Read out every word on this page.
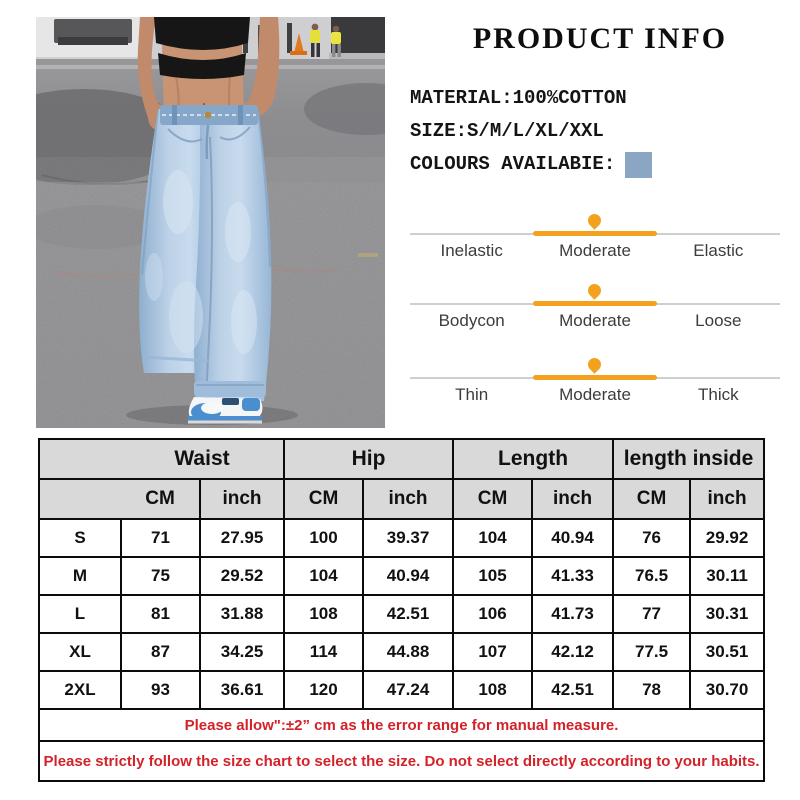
PRODUCT INFO
MATERIAL:100%COTTON
SIZE:S/M/L/XL/XXL
COLOURS AVAILABIE:
Inelastic	Moderate	Elastic
Bodycon	Moderate	Loose
Thin	Moderate	Thick
	Waist		Hip		Length		length inside	
	CM	inch	CM	inch	CM	inch	CM	inch
S	71	27.95	100	39.37	104	40.94	76	29.92
M	75	29.52	104	40.94	105	41.33	76.5	30.11
L	81	31.88	108	42.51	106	41.73	77	30.31
XL	87	34.25	114	44.88	107	42.12	77.5	30.51
2XL	93	36.61	120	47.24	108	42.51	78	30.70
Please allow":±2” cm as the error range for manual measure.								
Please strictly follow the size chart to select the size. Do not select directly according to your habits.								
